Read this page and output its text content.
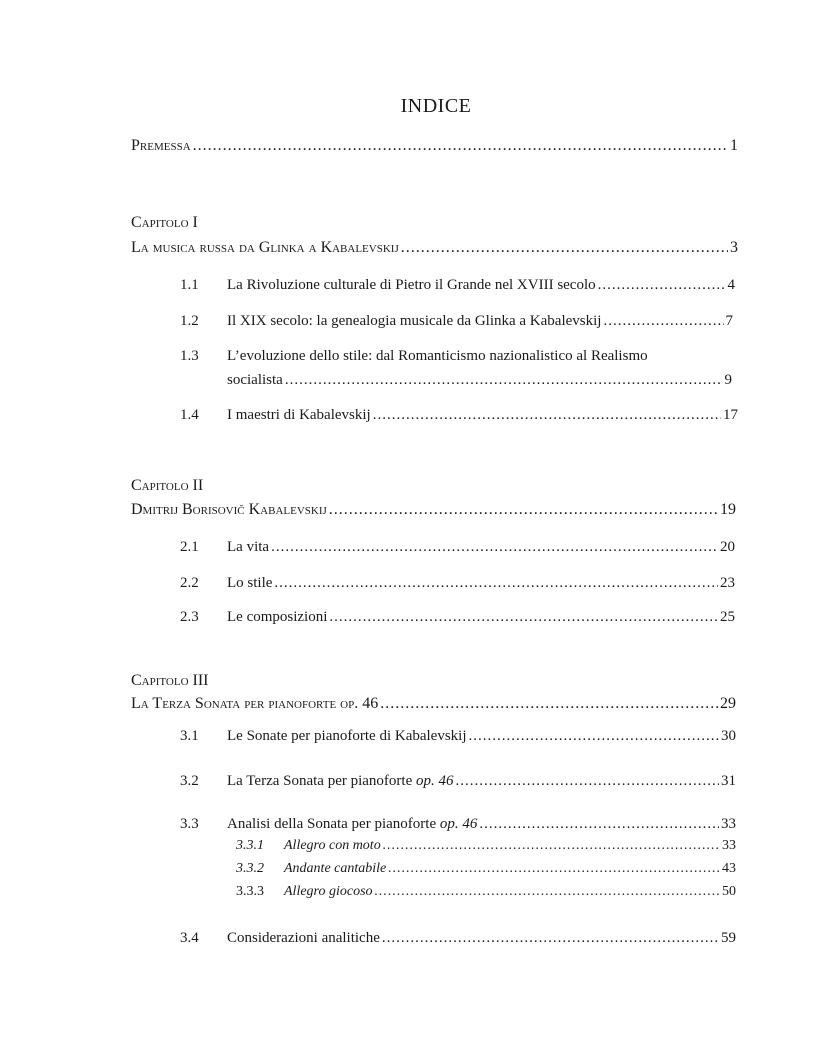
INDICE
Premessa .....	1
Capitolo I
La musica russa da Glinka a Kabalevskij .....	3
1.1 La Rivoluzione culturale di Pietro il Grande nel XVIII secolo .....	4
1.2 Il XIX secolo: la genealogia musicale da Glinka a Kabalevskij .....	7
1.3 L’evoluzione dello stile: dal Romanticismo nazionalistico al Realismo
socialista .....	9
1.4 I maestri di Kabalevskij .....	17
Capitolo II
Dmitrij Borisovič Kabalevskij .....	19
2.1 La vita .....	20
2.2 Lo stile .....	23
2.3 Le composizioni .....	25
Capitolo III
La Terza Sonata per pianoforte op. 46 .....	29
3.1 Le Sonate per pianoforte di Kabalevskij .....	30
3.2 La Terza Sonata per pianoforte op. 46 .....	31
3.3 Analisi della Sonata per pianoforte op. 46 .....	33
3.3.1	Allegro con moto .....	33
3.3.2	Andante cantabile .....	43
3.3.3	Allegro giocoso .....	50
3.4 Considerazioni analitiche .....	59
